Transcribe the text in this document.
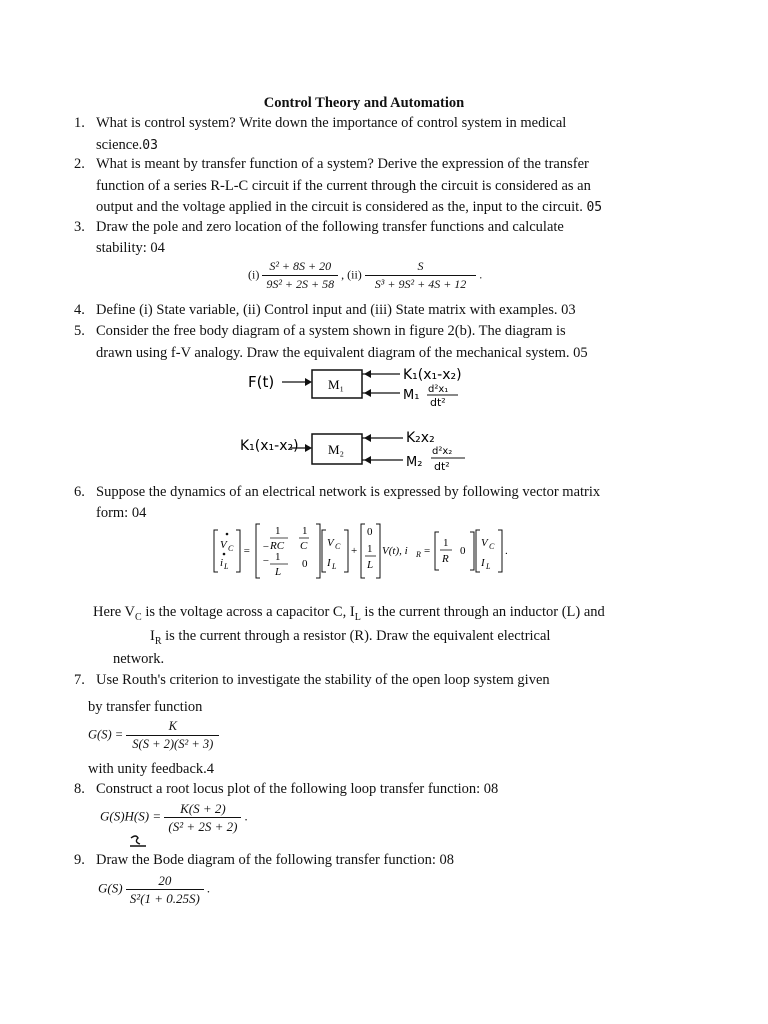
Control Theory and Automation
1. What is control system? Write down the importance of control system in medical
science.03
2. What is meant by transfer function of a system? Derive the expression of the transfer
function of a series R-L-C circuit if the current through the circuit is considered as an
output and the voltage applied in the circuit is considered as the, input to the circuit. 05
3. Draw the pole and zero location of the following transfer functions and calculate
stability: 04
$(i) \frac{\text{S² + 8S + 20}}{\text{9S² + 2S + 58}}$ , $(ii) \frac{S}{\text{S³ + 9S² + 4S + 12}}$ .
4. Define (i) State variable, (ii) Control input and (iii) State matrix with examples. 03
5. Consider the free body diagram of a system shown in figure 2(b). The diagram is
drawn using f-V analogy. Draw the equivalent diagram of the mechanical system. 05
M₁
F(t)	K₁(x₁-x₂)
M₁ d²x₁
dt²
M₂
K₁(x₁-x₂)	K₂x₂
M₂
d²x₂
dt²
6. Suppose the dynamics of an electrical network is expressed by following vector matrix
form: 04
V C
i L
= −
1
RC
1
C
− 1
L
0
V C
I L
+
0
1
L
V(t), i R =
1
R
0
V C
I L
.
Here $V_C$ is the voltage across a capacitor C, $I_L$ is the current through an inductor (L) and
$I_R$ is the current through a resistor (R). Draw the equivalent electrical
network.
7. Use Routh's criterion to investigate the stability of the open loop system given
by transfer function
$G(S) = \frac{K}{\text{S(S + 2)(S² + 3)}}$
with unity feedback.4
8. Construct a root locus plot of the following loop transfer function: 08
$G(S)H(S) = \frac{K(S + 2)}{\text{(S² + 2S + 2)}}$ .
9. Draw the Bode diagram of the following transfer function: 08
$G(S) \frac{20}{\text{S²(1 + 0.25S)}}$ .
